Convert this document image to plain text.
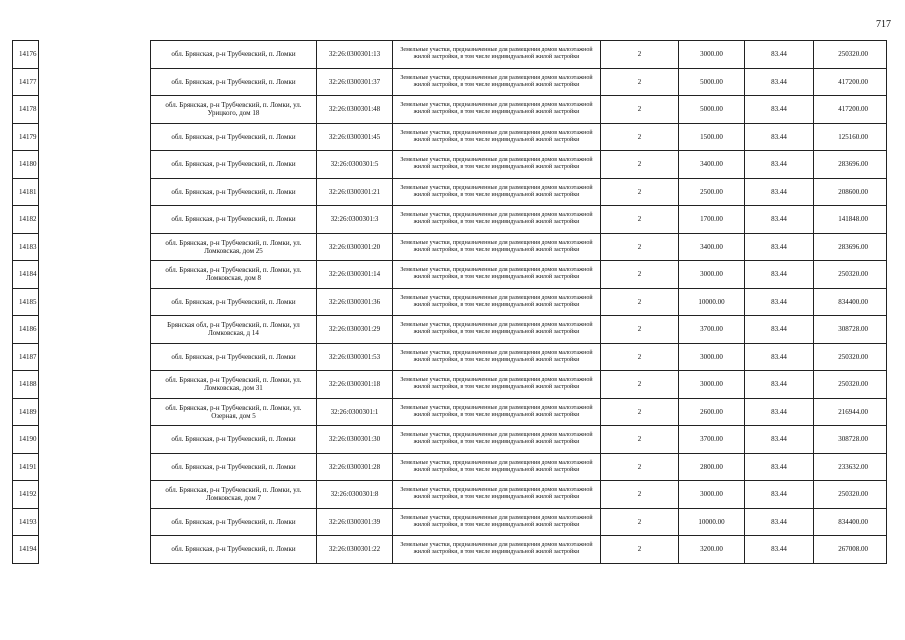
717
14176		обл. Брянская, р-н Трубчевский, п. Ломки	32:26:0300301:13	Земельные участки, предназначенные для размещения домов малоэтажной жилой застройки, в том числе индивидуальной жилой застройки	2	3000.00	83.44	250320.00
14177		обл. Брянская, р-н Трубчевский, п. Ломки	32:26:0300301:37	Земельные участки, предназначенные для размещения домов малоэтажной жилой застройки, в том числе индивидуальной жилой застройки	2	5000.00	83.44	417200.00
14178		обл. Брянская, р-н Трубчевский, п. Ломки, ул. Урицкого, дом 18	32:26:0300301:48	Земельные участки, предназначенные для размещения домов малоэтажной жилой застройки, в том числе индивидуальной жилой застройки	2	5000.00	83.44	417200.00
14179		обл. Брянская, р-н Трубчевский, п. Ломки	32:26:0300301:45	Земельные участки, предназначенные для размещения домов малоэтажной жилой застройки, в том числе индивидуальной жилой застройки	2	1500.00	83.44	125160.00
14180		обл. Брянская, р-н Трубчевский, п. Ломки	32:26:0300301:5	Земельные участки, предназначенные для размещения домов малоэтажной жилой застройки, в том числе индивидуальной жилой застройки	2	3400.00	83.44	283696.00
14181		обл. Брянская, р-н Трубчевский, п. Ломки	32:26:0300301:21	Земельные участки, предназначенные для размещения домов малоэтажной жилой застройки, в том числе индивидуальной жилой застройки	2	2500.00	83.44	208600.00
14182		обл. Брянская, р-н Трубчевский, п. Ломки	32:26:0300301:3	Земельные участки, предназначенные для размещения домов малоэтажной жилой застройки, в том числе индивидуальной жилой застройки	2	1700.00	83.44	141848.00
14183		обл. Брянская, р-н Трубчевский, п. Ломки, ул. Ломковская, дом 25	32:26:0300301:20	Земельные участки, предназначенные для размещения домов малоэтажной жилой застройки, в том числе индивидуальной жилой застройки	2	3400.00	83.44	283696.00
14184		обл. Брянская, р-н Трубчевский, п. Ломки, ул. Ломковская, дом 8	32:26:0300301:14	Земельные участки, предназначенные для размещения домов малоэтажной жилой застройки, в том числе индивидуальной жилой застройки	2	3000.00	83.44	250320.00
14185		обл. Брянская, р-н Трубчевский, п. Ломки	32:26:0300301:36	Земельные участки, предназначенные для размещения домов малоэтажной жилой застройки, в том числе индивидуальной жилой застройки	2	10000.00	83.44	834400.00
14186		Брянская обл, р-н Трубчевский, п. Ломки, ул Ломковская, д 14	32:26:0300301:29	Земельные участки, предназначенные для размещения домов малоэтажной жилой застройки, в том числе индивидуальной жилой застройки	2	3700.00	83.44	308728.00
14187		обл. Брянская, р-н Трубчевский, п. Ломки	32:26:0300301:53	Земельные участки, предназначенные для размещения домов малоэтажной жилой застройки, в том числе индивидуальной жилой застройки	2	3000.00	83.44	250320.00
14188		обл. Брянская, р-н Трубчевский, п. Ломки, ул. Ломковская, дом 31	32:26:0300301:18	Земельные участки, предназначенные для размещения домов малоэтажной жилой застройки, в том числе индивидуальной жилой застройки	2	3000.00	83.44	250320.00
14189		обл. Брянская, р-н Трубчевский, п. Ломки, ул. Озерная, дом 5	32:26:0300301:1	Земельные участки, предназначенные для размещения домов малоэтажной жилой застройки, в том числе индивидуальной жилой застройки	2	2600.00	83.44	216944.00
14190		обл. Брянская, р-н Трубчевский, п. Ломки	32:26:0300301:30	Земельные участки, предназначенные для размещения домов малоэтажной жилой застройки, в том числе индивидуальной жилой застройки	2	3700.00	83.44	308728.00
14191		обл. Брянская, р-н Трубчевский, п. Ломки	32:26:0300301:28	Земельные участки, предназначенные для размещения домов малоэтажной жилой застройки, в том числе индивидуальной жилой застройки	2	2800.00	83.44	233632.00
14192		обл. Брянская, р-н Трубчевский, п. Ломки, ул. Ломковская, дом 7	32:26:0300301:8	Земельные участки, предназначенные для размещения домов малоэтажной жилой застройки, в том числе индивидуальной жилой застройки	2	3000.00	83.44	250320.00
14193		обл. Брянская, р-н Трубчевский, п. Ломки	32:26:0300301:39	Земельные участки, предназначенные для размещения домов малоэтажной жилой застройки, в том числе индивидуальной жилой застройки	2	10000.00	83.44	834400.00
14194		обл. Брянская, р-н Трубчевский, п. Ломки	32:26:0300301:22	Земельные участки, предназначенные для размещения домов малоэтажной жилой застройки, в том числе индивидуальной жилой застройки	2	3200.00	83.44	267008.00
